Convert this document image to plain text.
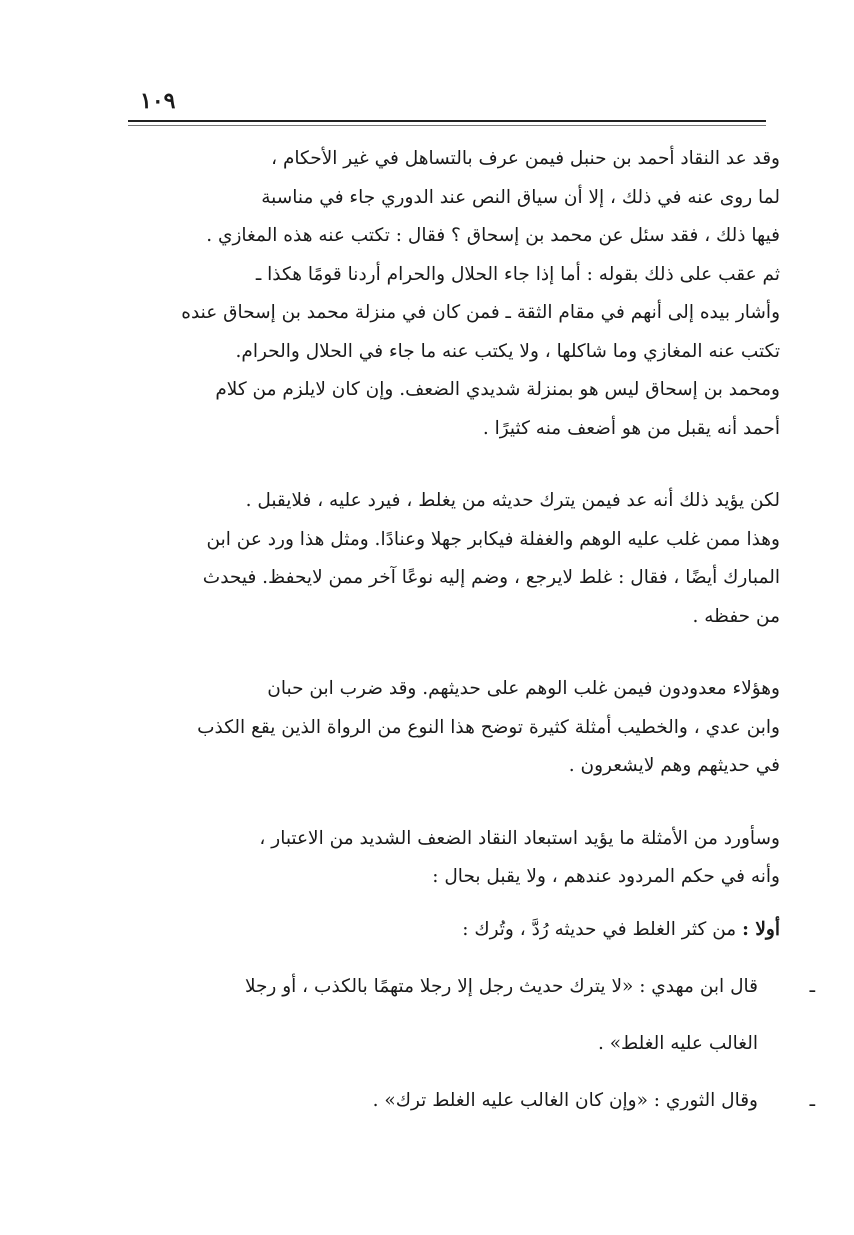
١٠٩

وقد عد النقاد أحمد بن حنبل فيمن عرف بالتساهل في غير الأحكام ،

لما روى عنه في ذلك ، إلا أن سياق النص عند الدوري جاء في مناسبة

فيها ذلك ، فقد سئل عن محمد بن إسحاق ؟ فقال : تكتب عنه هذه المغازي .

ثم عقب على ذلك بقوله : أما إذا جاء الحلال والحرام أردنا قومًا هكذا ـ

وأشار بيده إلى أنهم في مقام الثقة ـ فمن كان في منزلة محمد بن إسحاق عنده

تكتب عنه المغازي وما شاكلها ، ولا يكتب عنه ما جاء في الحلال والحرام.

ومحمد بن إسحاق ليس هو بمنزلة شديدي الضعف. وإن كان لايلزم من كلام

أحمد أنه يقبل من هو أضعف منه كثيرًا .

لكن يؤيد ذلك أنه عد فيمن يترك حديثه من يغلط ، فيرد عليه ، فلايقبل .

وهذا ممن غلب عليه الوهم والغفلة فيكابر جهلا وعنادًا. ومثل هذا ورد عن ابن

المبارك أيضًا ، فقال : غلط لايرجع ، وضم إليه نوعًا آخر ممن لايحفظ. فيحدث

من حفظه .

وهؤلاء معدودون فيمن غلب الوهم على حديثهم. وقد ضرب ابن حبان

وابن عدي ، والخطيب أمثلة كثيرة توضح هذا النوع من الرواة الذين يقع الكذب

في حديثهم وهم لايشعرون .

وسأورد من الأمثلة ما يؤيد استبعاد النقاد الضعف الشديد من الاعتبار ،

وأنه في حكم المردود عندهم ، ولا يقبل بحال :

أولا : من كثر الغلط في حديثه رُدَّ ، وتُرك :

ـ

قال ابن مهدي : «لا يترك حديث رجل إلا رجلا متهمًا بالكذب ، أو رجلا

الغالب عليه الغلط» .

ـ

وقال الثوري : «وإن كان الغالب عليه الغلط ترك» .
